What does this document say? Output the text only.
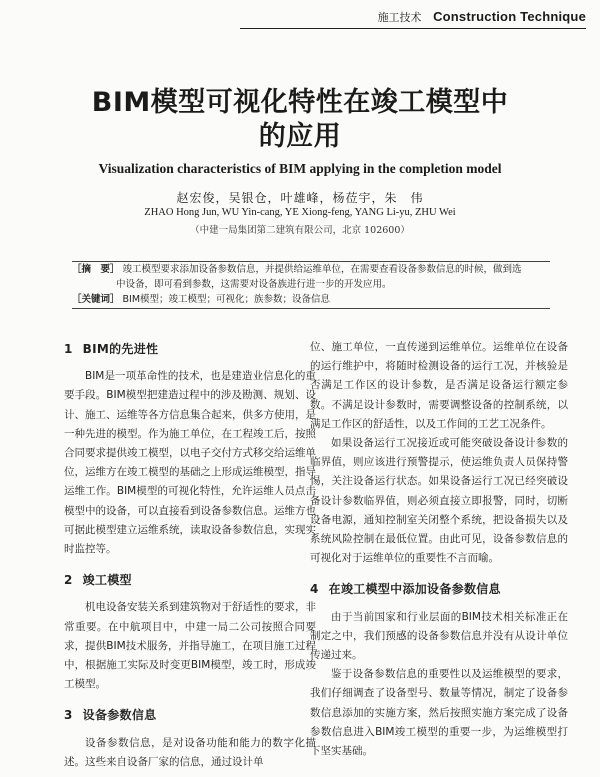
施工技术 Construction Technique
BIM模型可视化特性在竣工模型中
的应用
Visualization characteristics of BIM applying in the completion model
赵宏俊，吴银仓，叶雄峰，杨莅宇，朱　伟
ZHAO Hong Jun, WU Yin-cang, YE Xiong-feng, YANG Li-yu, ZHU Wei
（中建一局集团第二建筑有限公司，北京 102600）
［摘　要］ 竣工模型要求添加设备参数信息，并提供给运维单位，在需要查看设备参数信息的时候，做到选
中设备，即可看到参数，这需要对设备族进行进一步的开发应用。
［关键词］ BIM模型；竣工模型；可视化；族参数；设备信息
1 BIM的先进性

BIM是一项革命性的技术，也是建造业信息化的重要手段。BIM模型把建造过程中的涉及勘测、规划、设计、施工、运维等各方信息集合起来，供多方使用，是一种先进的模型。作为施工单位，在工程竣工后，按照合同要求提供竣工模型，以电子交付方式移交给运维单位，运维方在竣工模型的基础之上形成运维模型，指导运维工作。BIM模型的可视化特性，允许运维人员点击模型中的设备，可以直接看到设备参数信息。运维方也可据此模型建立运维系统，读取设备参数信息，实现实时监控等。

2 竣工模型

机电设备安装关系到建筑物对于舒适性的要求，非常重要。在中航项目中，中建一局二公司按照合同要求，提供BIM技术服务，并指导施工，在项目施工过程中，根据施工实际及时变更BIM模型，竣工时，形成竣工模型。

3 设备参数信息

设备参数信息，是对设备功能和能力的数字化描述。这些来自设备厂家的信息，通过设计单

位、施工单位，一直传递到运维单位。运维单位在设备的运行维护中，将随时检测设备的运行工况，并核验是否满足工作区的设计参数，是否满足设备运行额定参数。不满足设计参数时，需要调整设备的控制系统，以满足工作区的舒适性，以及工作间的工艺工况条件。

如果设备运行工况接近或可能突破设备设计参数的临界值，则应该进行预警提示，使运维负责人员保持警惕，关注设备运行状态。如果设备运行工况已经突破设备设计参数临界值，则必须直接立即报警，同时，切断设备电源，通知控制室关闭整个系统，把设备损失以及系统风险控制在最低位置。由此可见，设备参数信息的可视化对于运维单位的重要性不言而喻。

4 在竣工模型中添加设备参数信息

由于当前国家和行业层面的BIM技术相关标准正在制定之中，我们预感的设备参数信息并没有从设计单位传递过来。

鉴于设备参数信息的重要性以及运维模型的要求，我们仔细调查了设备型号、数量等情况，制定了设备参数信息添加的实施方案，然后按照实施方案完成了设备参数信息进入BIM竣工模型的重要一步，为运维模型打下坚实基础。
